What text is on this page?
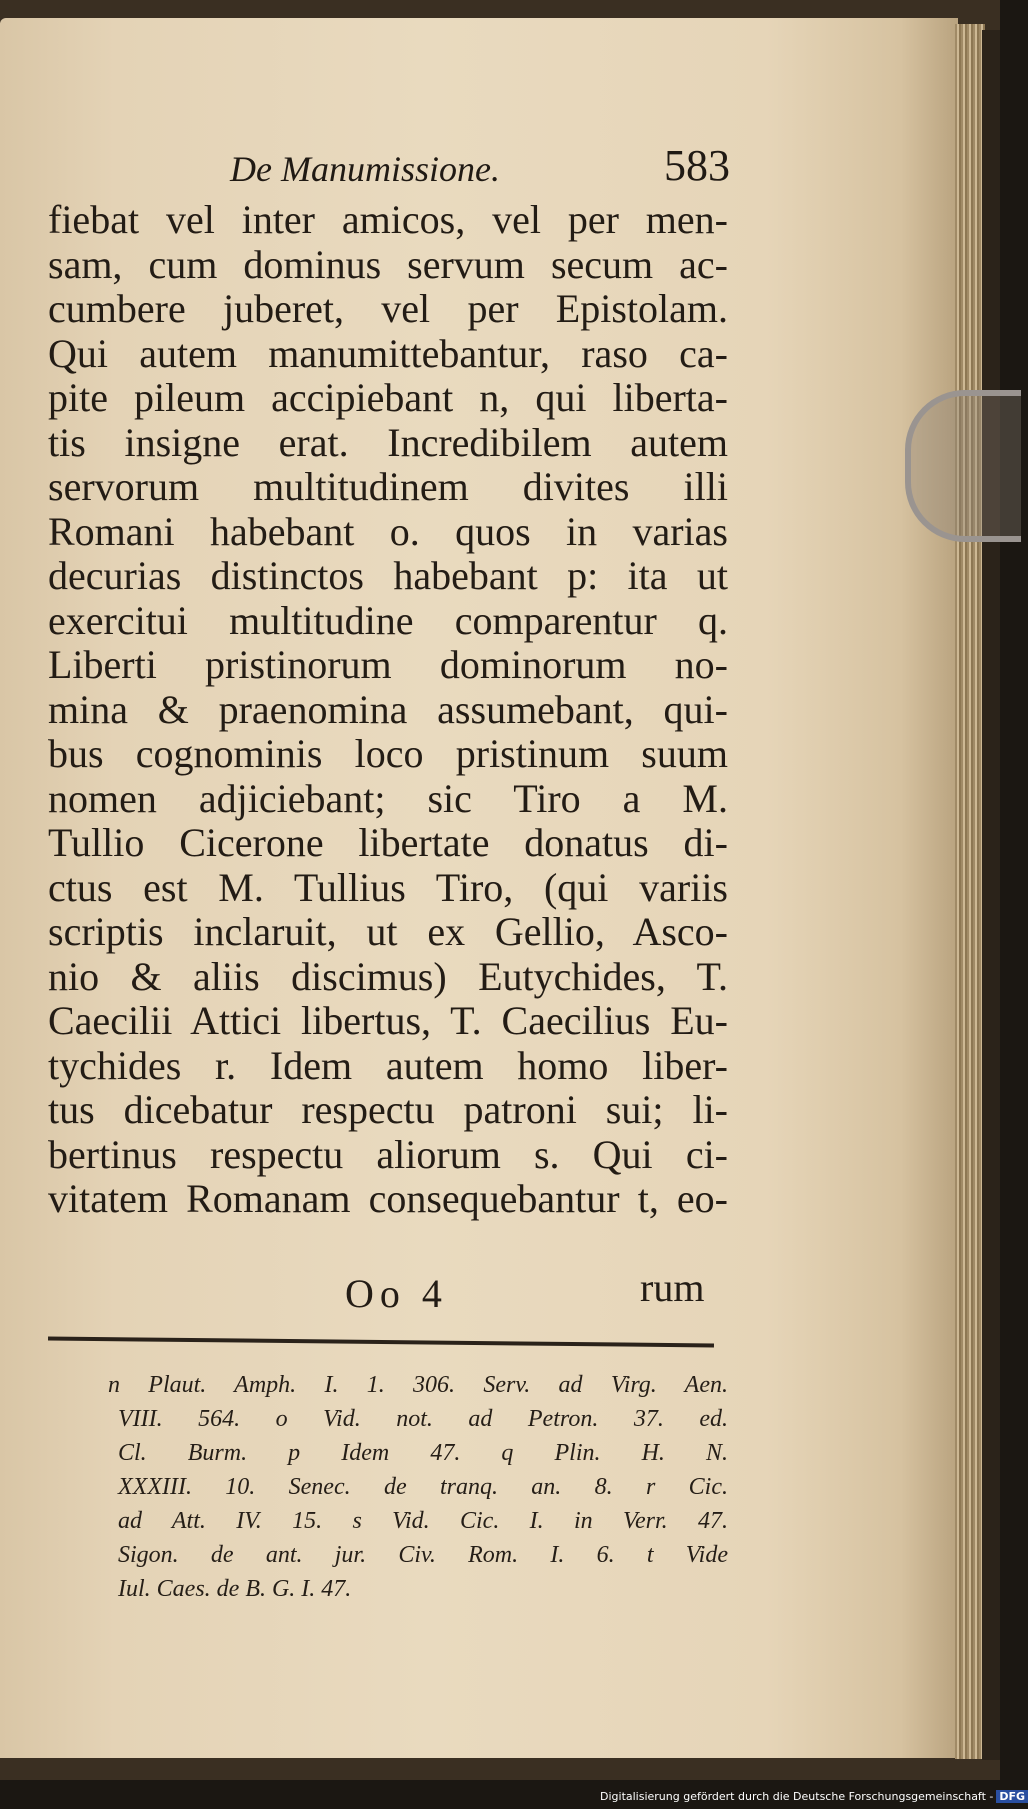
De Manumissione.	583
fiebat vel inter amicos, vel per men-
sam, cum dominus servum secum ac-
cumbere juberet, vel per Epistolam.
Qui autem manumittebantur, raso ca-
pite pileum accipiebant n, qui liberta-
tis insigne erat. Incredibilem autem
servorum multitudinem divites illi
Romani habebant o. quos in varias
decurias distinctos habebant p: ita ut
exercitui multitudine comparentur q.
Liberti pristinorum dominorum no-
mina & praenomina assumebant, qui-
bus cognominis loco pristinum suum
nomen adjiciebant; sic Tiro a M.
Tullio Cicerone libertate donatus di-
ctus est M. Tullius Tiro, (qui variis
scriptis inclaruit, ut ex Gellio, Asco-
nio & aliis discimus) Eutychides, T.
Caecilii Attici libertus, T. Caecilius Eu-
tychides r. Idem autem homo liber-
tus dicebatur respectu patroni sui; li-
bertinus respectu aliorum s. Qui ci-
vitatem Romanam consequebantur t, eo-
Oo 4	rum
n Plaut. Amph. I. 1. 306. Serv. ad Virg. Aen.
VIII. 564. o Vid. not. ad Petron. 37. ed.
Cl. Burm. p Idem 47. q Plin. H. N.
XXXIII. 10. Senec. de tranq. an. 8. r Cic.
ad Att. IV. 15. s Vid. Cic. I. in Verr. 47.
Sigon. de ant. jur. Civ. Rom. I. 6. t Vide
Iul. Caes. de B. G. I. 47.
Digitalisierung gefördert durch die Deutsche Forschungsgemeinschaft - DFG
